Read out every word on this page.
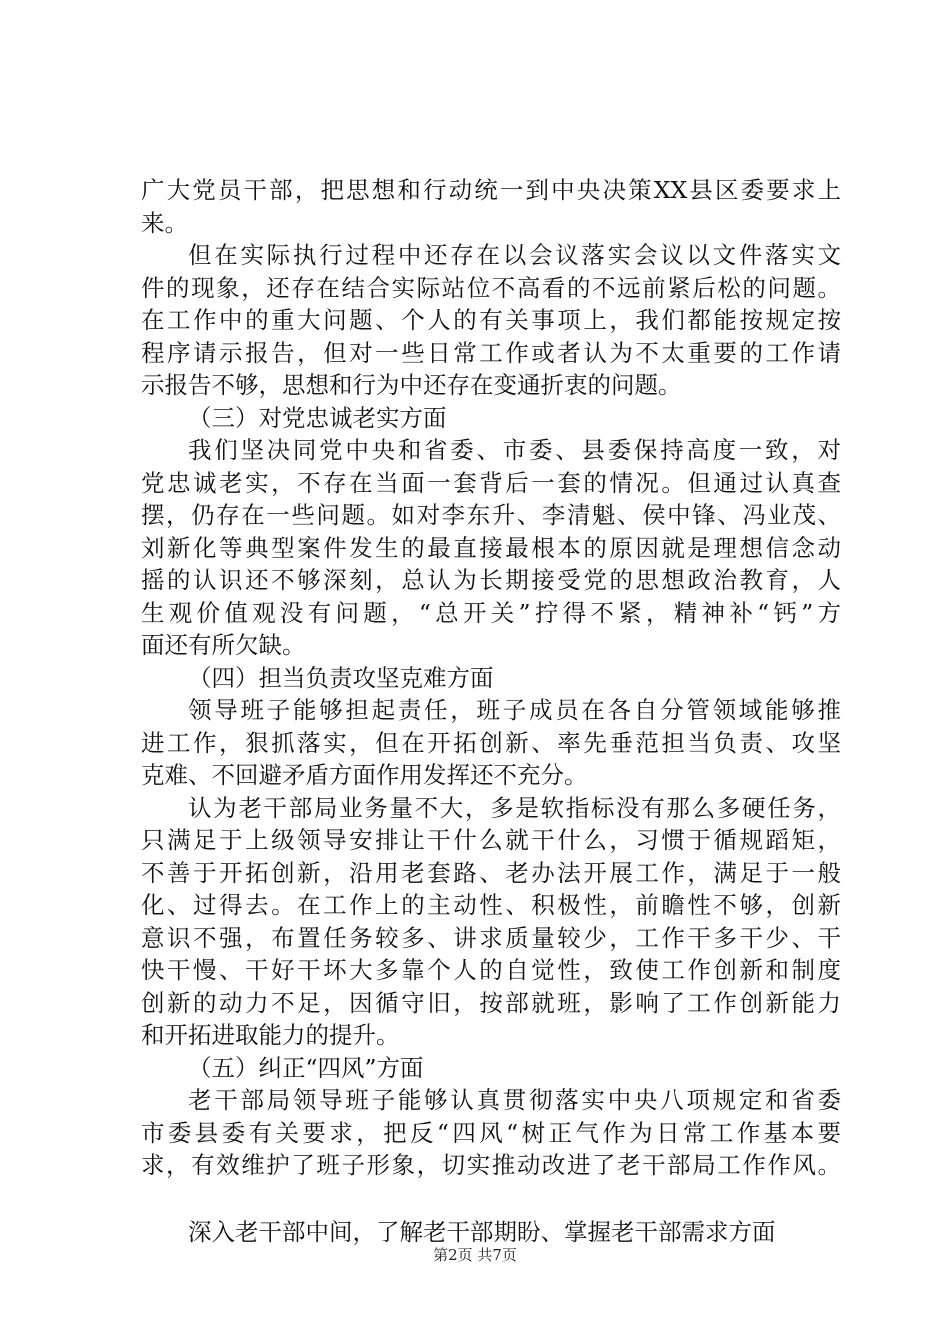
广大党员干部，把思想和行动统一到中央决策XX县区委要求上
来。
但在实际执行过程中还存在以会议落实会议以文件落实文
件的现象，还存在结合实际站位不高看的不远前紧后松的问题。
在工作中的重大问题、个人的有关事项上，我们都能按规定按
程序请示报告，但对一些日常工作或者认为不太重要的工作请
示报告不够，思想和行为中还存在变通折衷的问题。
（三）对党忠诚老实方面
我们坚决同党中央和省委、市委、县委保持高度一致，对
党忠诚老实，不存在当面一套背后一套的情况。但通过认真查
摆，仍存在一些问题。如对李东升、李清魁、侯中锋、冯业茂、
刘新化等典型案件发生的最直接最根本的原因就是理想信念动
摇的认识还不够深刻，总认为长期接受党的思想政治教育，人
生观价值观没有问题，“总开关”拧得不紧，精神补“钙”方
面还有所欠缺。
（四）担当负责攻坚克难方面
领导班子能够担起责任，班子成员在各自分管领域能够推
进工作，狠抓落实，但在开拓创新、率先垂范担当负责、攻坚
克难、不回避矛盾方面作用发挥还不充分。
认为老干部局业务量不大，多是软指标没有那么多硬任务，
只满足于上级领导安排让干什么就干什么，习惯于循规蹈矩，
不善于开拓创新，沿用老套路、老办法开展工作，满足于一般
化、过得去。在工作上的主动性、积极性，前瞻性不够，创新
意识不强，布置任务较多、讲求质量较少，工作干多干少、干
快干慢、干好干坏大多靠个人的自觉性，致使工作创新和制度
创新的动力不足，因循守旧，按部就班，影响了工作创新能力
和开拓进取能力的提升。
（五）纠正“四风”方面
老干部局领导班子能够认真贯彻落实中央八项规定和省委
市委县委有关要求，把反“四风“树正气作为日常工作基本要
求，有效维护了班子形象，切实推动改进了老干部局工作作风。
深入老干部中间，了解老干部期盼、掌握老干部需求方面
第2页 共7页
